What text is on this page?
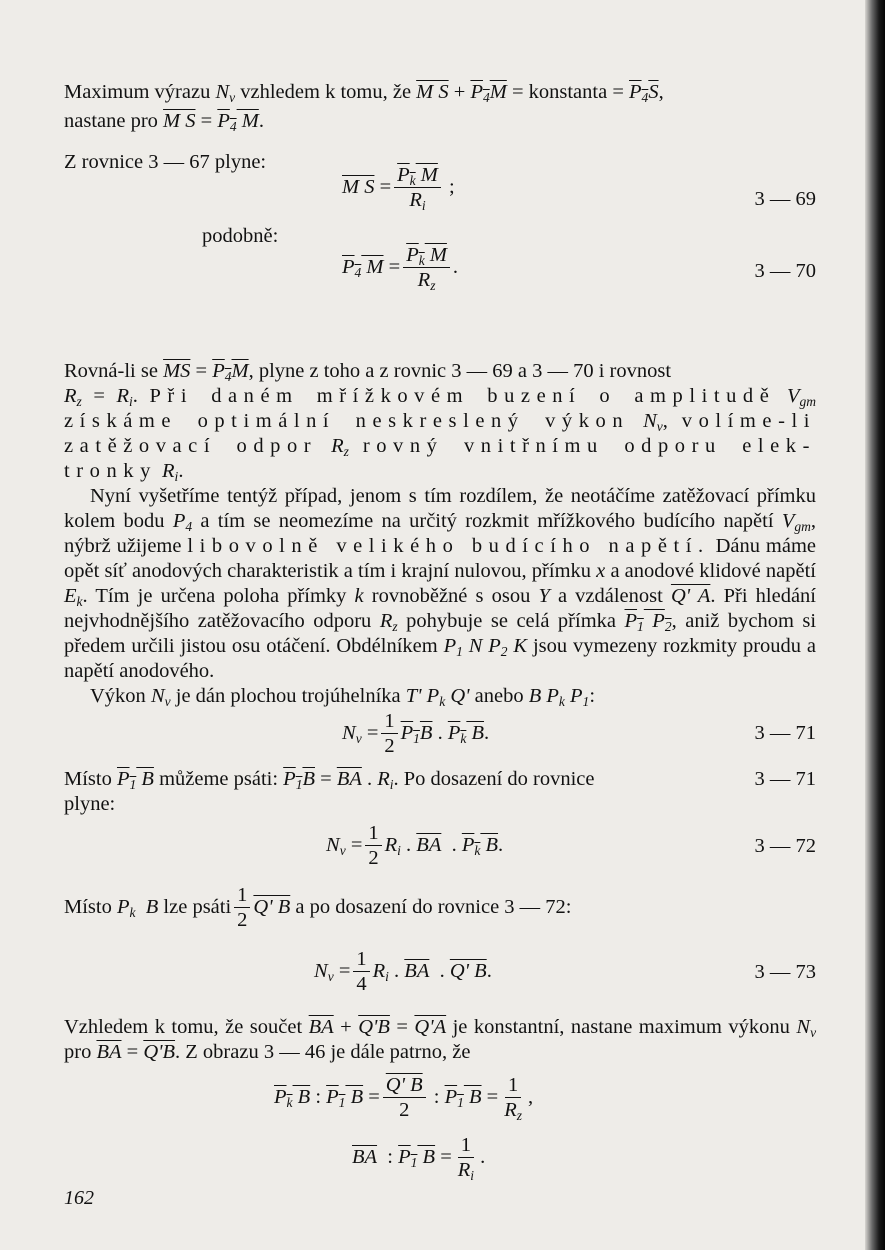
Maximum výrazu $N_v$ vzhledem k tomu, že M $S + P_4M$ = konstanta = $P_4S$,
nastane pro M $S = P_4$ M.

Z rovnice 3 — 67 plyne:

M $S = \frac{P_k M}{R_i}$ ;
3 — 69

podobně:

$P_4$ $M = \frac{P_k M}{R_z}$ .	3 — 70

Rovná-li se $\overline{MS} = P_4M$, plyne z toho a z rovnic 3 — 69 a 3 — 70 i rovnost
$R_z = R_i$. Při daném mřížkovém buzení o amplitudě $V_{gm}$ získáme optimální neskreslený výkon $N_v$, volíme-li zatěžovací odpor $R_z$ rovný vnitřnímu odporu elek- tronky $R_i$.

Nyní vyšetříme tentýž případ, jenom s tím rozdílem, že neotáčíme zatěžovací přímku kolem bodu $P_4$ a tím se neomezíme na určitý rozkmit mřížkového budícího napětí $V_{gm}$, nýbrž užijeme libovolně velikého budícího napětí. Dánu máme opět síť anodových charakteristik a tím i krajní nulovou, přímku x a anodové klidové napětí $E_k$. Tím je určena poloha přímky k rovnoběžné s osou Y a vzdálenost Q' A. Při hledání nejvhodnějšího zatěžovacího odporu $R_z$ pohybuje se celá přímka $P_1$ $P_2$, aniž bychom si předem určili jistou osu otáčení. Obdélníkem $P_1$ N $P_2$ K jsou vymezeny rozkmity proudu a napětí anodového.

Výkon $N_v$ je dán plochou trojúhelníka T' $P_k$ Q' anebo B $P_k$ $P_1$:

$N_v = \frac{1}{2} P_1B$ . $P_k$ B .	3 — 71

Místo $P_1$ B můžeme psáti: $P_1B = \overline{BA}$ . $R_i$. Po dosazení do rovnice	3 — 71

plyne:

$N_v = \frac{1}{2} R_i$ . $\overline{BA}$ . $P_k$ B .	3 — 72
Místo
$P_k$  B
lze psáti $\frac{1}{2} Q'$ B
a po dosazení do rovnice 3 — 72:
$N_v = \frac{1}{4} R_i$ . $\overline{BA}$ . Q' B .	3 — 73

Vzhledem k tomu, že součet $\overline{BA} + Q'B = Q'A$ je konstantní, nastane maximum výkonu $N_v$ pro $\overline{BA} = Q'B$. Z obrazu 3 — 46 je dále patrno, že

$P_k$ B : $P_1$ $B = \frac{Q' B}{2}$ : $P_1$ $B = \frac{1}{R_z}$ ,
$\overline{BA}$ : $P_1$ $B = \frac{1}{R_i}$ .
162
